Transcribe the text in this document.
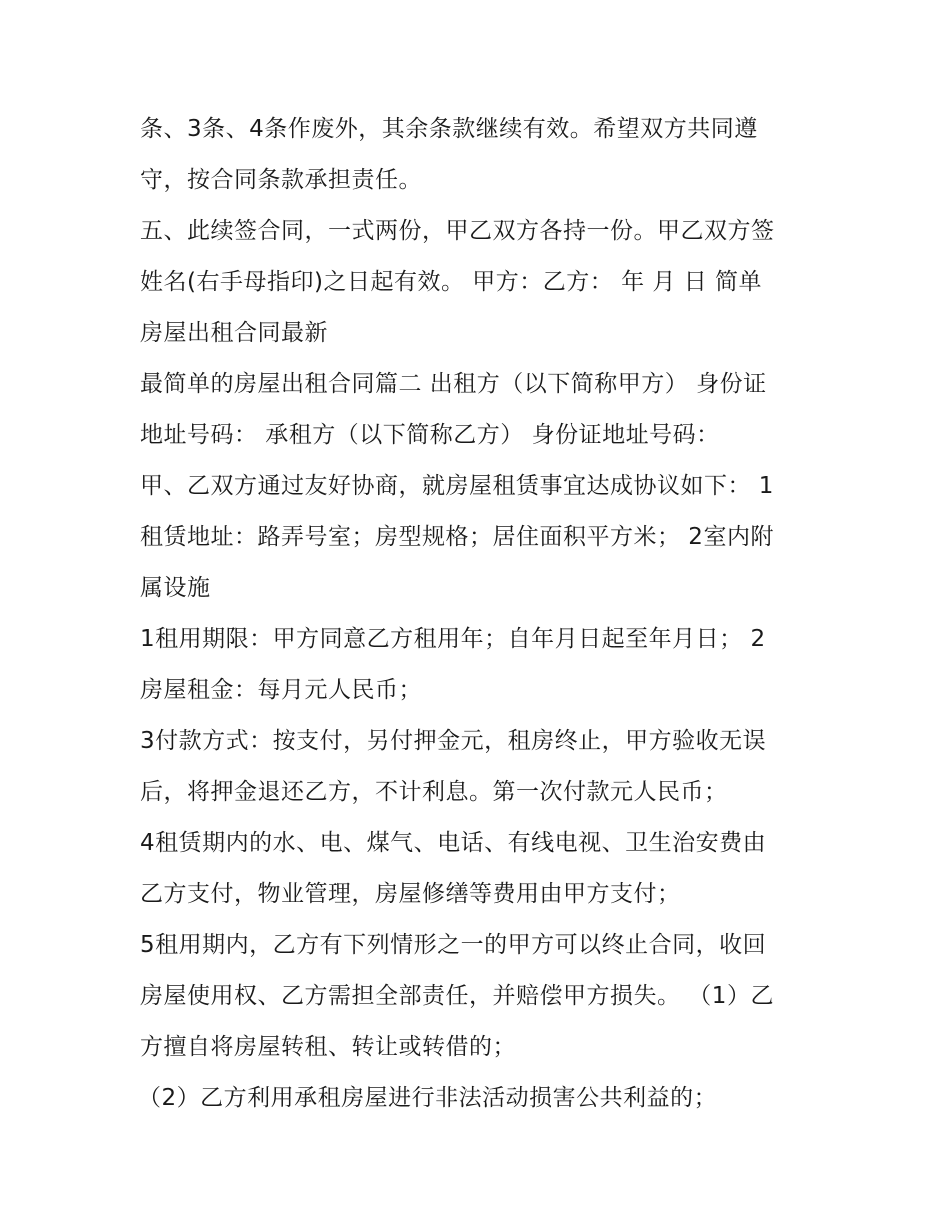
条、3条、4条作废外，其余条款继续有效。希望双方共同遵
守，按合同条款承担责任。
五、此续签合同，一式两份，甲乙双方各持一份。甲乙双方签
姓名(右手母指印)之日起有效。 甲方：乙方： 年 月 日 简单
房屋出租合同最新
最简单的房屋出租合同篇二 出租方（以下简称甲方） 身份证
地址号码： 承租方（以下简称乙方） 身份证地址号码：
甲、乙双方通过友好协商，就房屋租赁事宜达成协议如下： 1
租赁地址：路弄号室；房型规格；居住面积平方米； 2室内附
属设施
1租用期限：甲方同意乙方租用年；自年月日起至年月日； 2
房屋租金：每月元人民币；
3付款方式：按支付，另付押金元，租房终止，甲方验收无误
后，将押金退还乙方，不计利息。第一次付款元人民币；
4租赁期内的水、电、煤气、电话、有线电视、卫生治安费由
乙方支付，物业管理，房屋修缮等费用由甲方支付；
5租用期内，乙方有下列情形之一的甲方可以终止合同，收回
房屋使用权、乙方需担全部责任，并赔偿甲方损失。 （1）乙
方擅自将房屋转租、转让或转借的；
（2）乙方利用承租房屋进行非法活动损害公共利益的；
